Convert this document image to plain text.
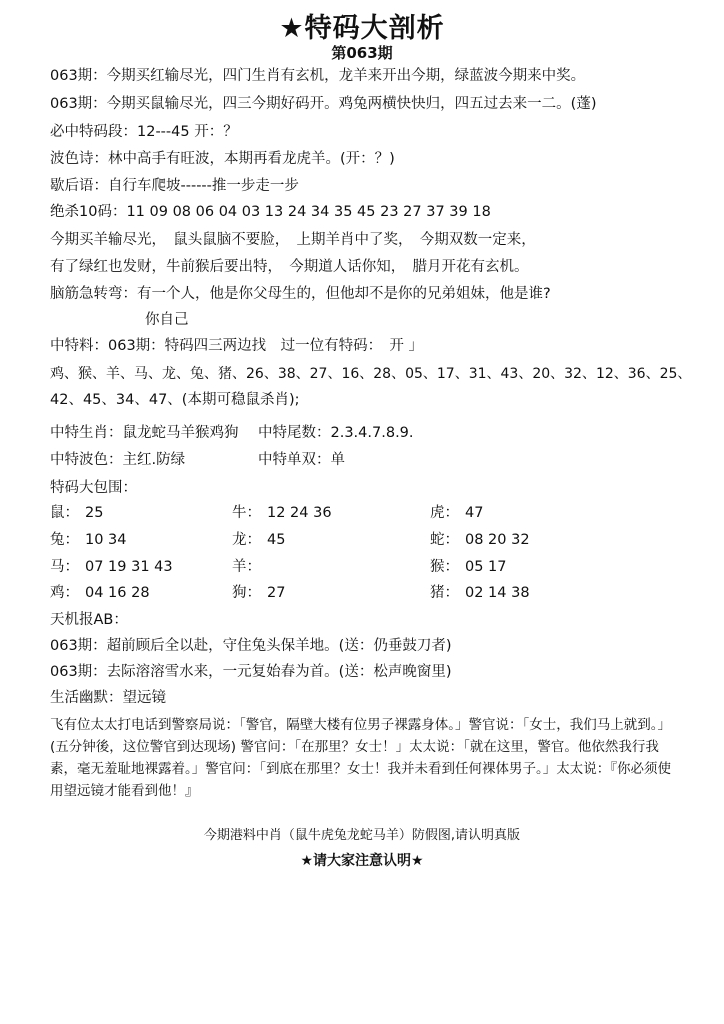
★特码大剖析
第063期
063期：今期买红输尽光，四门生肖有玄机，龙羊来开出今期，绿蓝波今期来中奖。
063期：今期买鼠输尽光，四三今期好码开。鸡兔两横快快归，四五过去来一二。(蓬)
必中特码段：12---45 开：？
波色诗：林中高手有旺波，本期再看龙虎羊。(开：？)
歇后语：自行车爬坡------推一步走一步
绝杀10码：11 09 08 06 04 03 13 24 34 35 45 23 27 37 39 18
今期买羊输尽光，　鼠头鼠脑不要脸，　上期羊肖中了奖，　今期双数一定来，
有了绿红也发财，牛前猴后要出特，　今期道人话你知，　腊月开花有玄机。
脑筋急转弯：有一个人，他是你父母生的，但他却不是你的兄弟姐妹，他是谁?
你自己
中特料：063期：特码四三两边找　过一位有特码：　开 」
鸡、猴、羊、马、龙、兔、猪、26、38、27、16、28、05、17、31、43、20、32、12、36、25、
42、45、34、47、(本期可稳鼠杀肖);
中特生肖：鼠龙蛇马羊猴鸡狗 中特尾数：2.3.4.7.8.9.
中特波色：主红.防绿	中特单双：单
特码大包围：
鼠： 25	牛： 12 24 36	虎： 47
兔： 10 34	龙： 45	蛇： 08 20 32
马： 07 19 31 43	羊：	猴： 05 17
鸡： 04 16 28	狗： 27	猪： 02 14 38
天机报AB：
063期：超前顾后全以赴，守住兔头保羊地。(送：仍垂鼓刀者)
063期：去际溶溶雪水来，一元复始春为首。(送：松声晚窗里)
生活幽默：望远镜
飞有位太太打电话到警察局说：「警官，隔壁大楼有位男子裸露身体。」警官说：「女士，我们马上就到。」(五分钟後，这位警官到达现场) 警官问：「在那里？女士！」太太说：「就在这里，警官。他依然我行我素，毫无羞耻地裸露着。」警官问：「到底在那里？女士！我并未看到任何裸体男子。」太太说：『你必须使用望远镜才能看到他！』
今期港料中肖（鼠牛虎兔龙蛇马羊）防假图,请认明真版
★请大家注意认明★
